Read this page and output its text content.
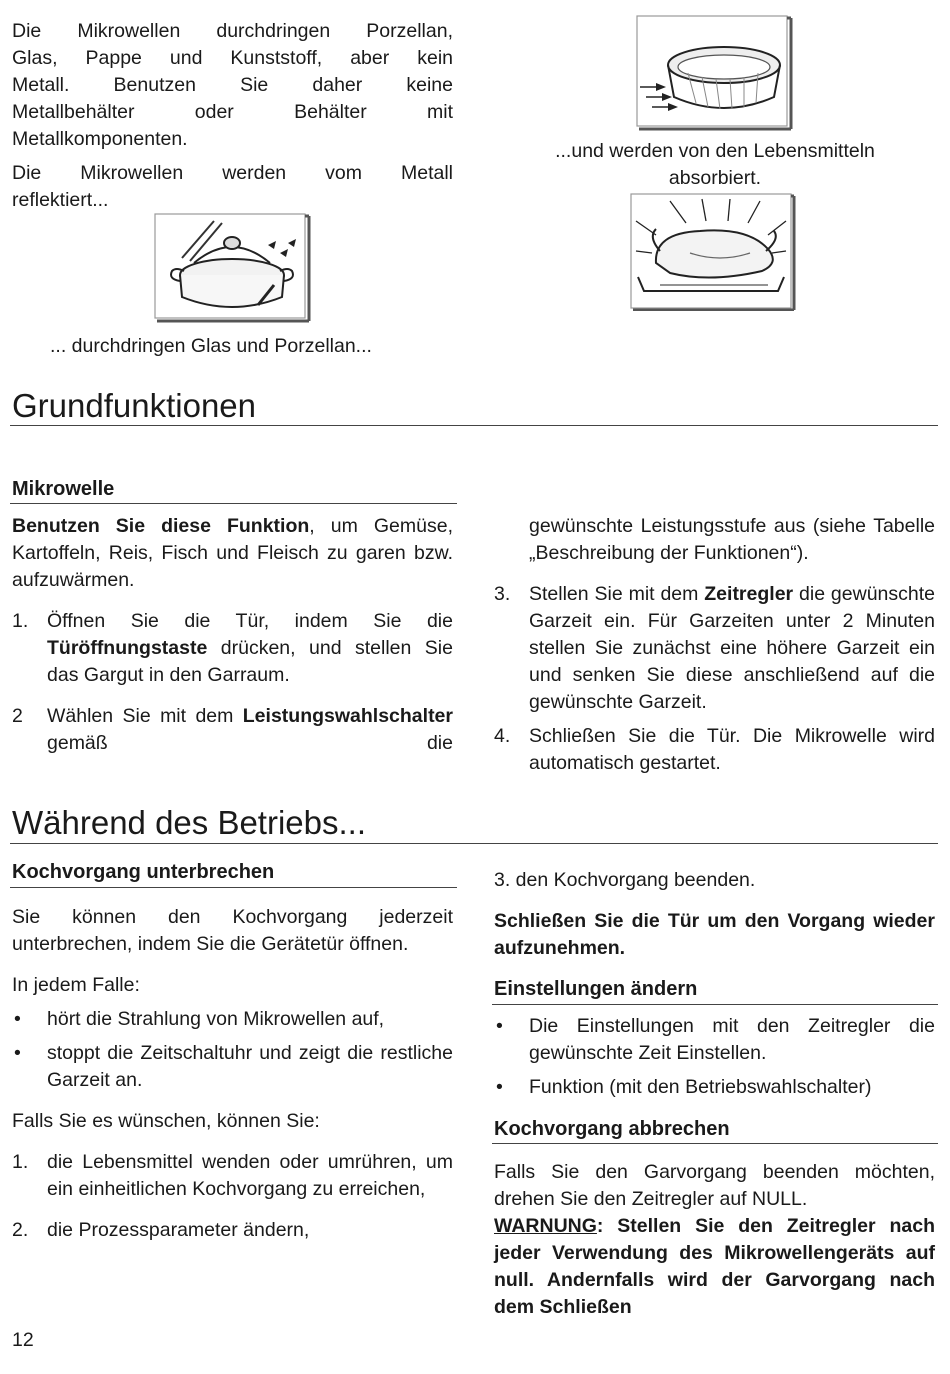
Die Mikrowellen durchdringen Porzellan,

Glas, Pappe und Kunststoff, aber kein

Metall. Benutzen Sie daher keine

Metallbehälter oder Behälter mit

Metallkomponenten.

Die Mikrowellen werden vom Metall

reflektiert...

...und werden von den Lebensmitteln

absorbiert.

... durchdringen Glas und Porzellan...
Grundfunktionen
Mikrowelle

Benutzen Sie diese Funktion, um Gemüse, Kartoffeln, Reis, Fisch und Fleisch zu garen bzw. aufzuwärmen.

1. Öffnen Sie die Tür, indem Sie die Türöffnungstaste drücken, und stellen Sie das Gargut in den Garraum.
2 Wählen Sie mit dem Leistungswahlschalter gemäß die
gewünschte Leistungsstufe aus (siehe Tabelle „Beschreibung der Funktionen“).
3. Stellen Sie mit dem Zeitregler die gewünschte Garzeit ein. Für Garzeiten unter 2 Minuten stellen Sie zunächst eine höhere Garzeit ein und senken Sie diese anschließend auf die gewünschte Garzeit.
4. Schließen Sie die Tür. Die Mikrowelle wird automatisch gestartet.
Während des Betriebs...
Kochvorgang unterbrechen

Sie können den Kochvorgang jederzeit unterbrechen, indem Sie die Gerätetür öffnen.

In jedem Falle:

• hört die Strahlung von Mikrowellen auf,
• stoppt die Zeitschaltuhr und zeigt die restliche Garzeit an.

Falls Sie es wünschen, können Sie:

1. die Lebensmittel wenden oder umrühren, um ein einheitlichen Kochvorgang zu erreichen,
2. die Prozessparameter ändern,

3. den Kochvorgang beenden.

Schließen Sie die Tür um den Vorgang wieder aufzunehmen.

Einstellungen ändern
• Die Einstellungen mit den Zeitregler die gewünschte Zeit Einstellen.
• Funktion (mit den Betriebswahlschalter)
Kochvorgang abbrechen

Falls Sie den Garvorgang beenden möchten, drehen Sie den Zeitregler auf NULL.

WARNUNG: Stellen Sie den Zeitregler nach jeder Verwendung des Mikrowellengeräts auf null. Andernfalls wird der Garvorgang nach dem Schließen

12
